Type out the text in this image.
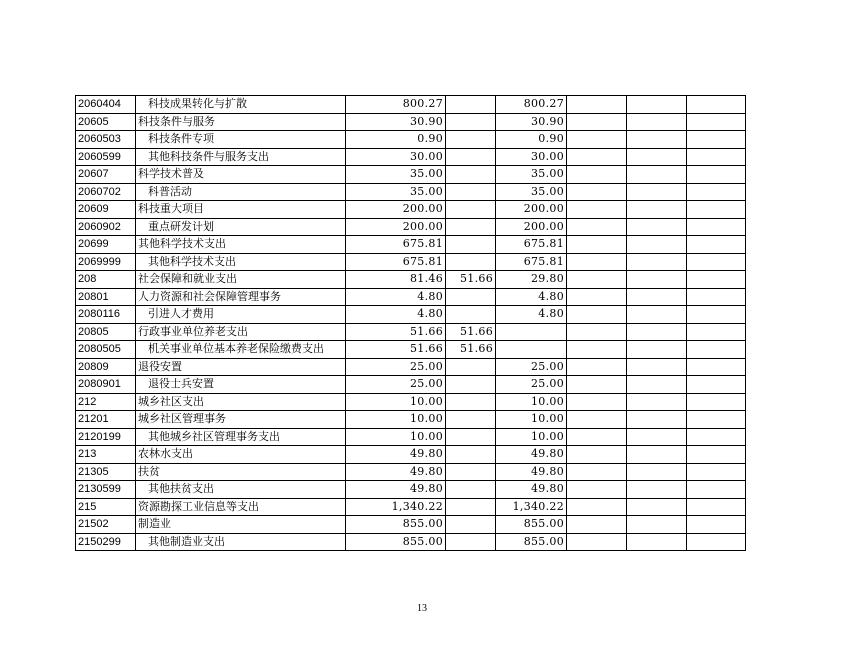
2060404	科技成果转化与扩散	800.27		800.27			
20605	科技条件与服务	30.90		30.90			
2060503	科技条件专项	0.90		0.90			
2060599	其他科技条件与服务支出	30.00		30.00			
20607	科学技术普及	35.00		35.00			
2060702	科普活动	35.00		35.00			
20609	科技重大项目	200.00		200.00			
2060902	重点研发计划	200.00		200.00			
20699	其他科学技术支出	675.81		675.81			
2069999	其他科学技术支出	675.81		675.81			
208	社会保障和就业支出	81.46	51.66	29.80			
20801	人力资源和社会保障管理事务	4.80		4.80			
2080116	引进人才费用	4.80		4.80			
20805	行政事业单位养老支出	51.66	51.66				
2080505	机关事业单位基本养老保险缴费支出	51.66	51.66				
20809	退役安置	25.00		25.00			
2080901	退役士兵安置	25.00		25.00			
212	城乡社区支出	10.00		10.00			
21201	城乡社区管理事务	10.00		10.00			
2120199	其他城乡社区管理事务支出	10.00		10.00			
213	农林水支出	49.80		49.80			
21305	扶贫	49.80		49.80			
2130599	其他扶贫支出	49.80		49.80			
215	资源勘探工业信息等支出	1,340.22		1,340.22			
21502	制造业	855.00		855.00			
2150299	其他制造业支出	855.00		855.00			
13
